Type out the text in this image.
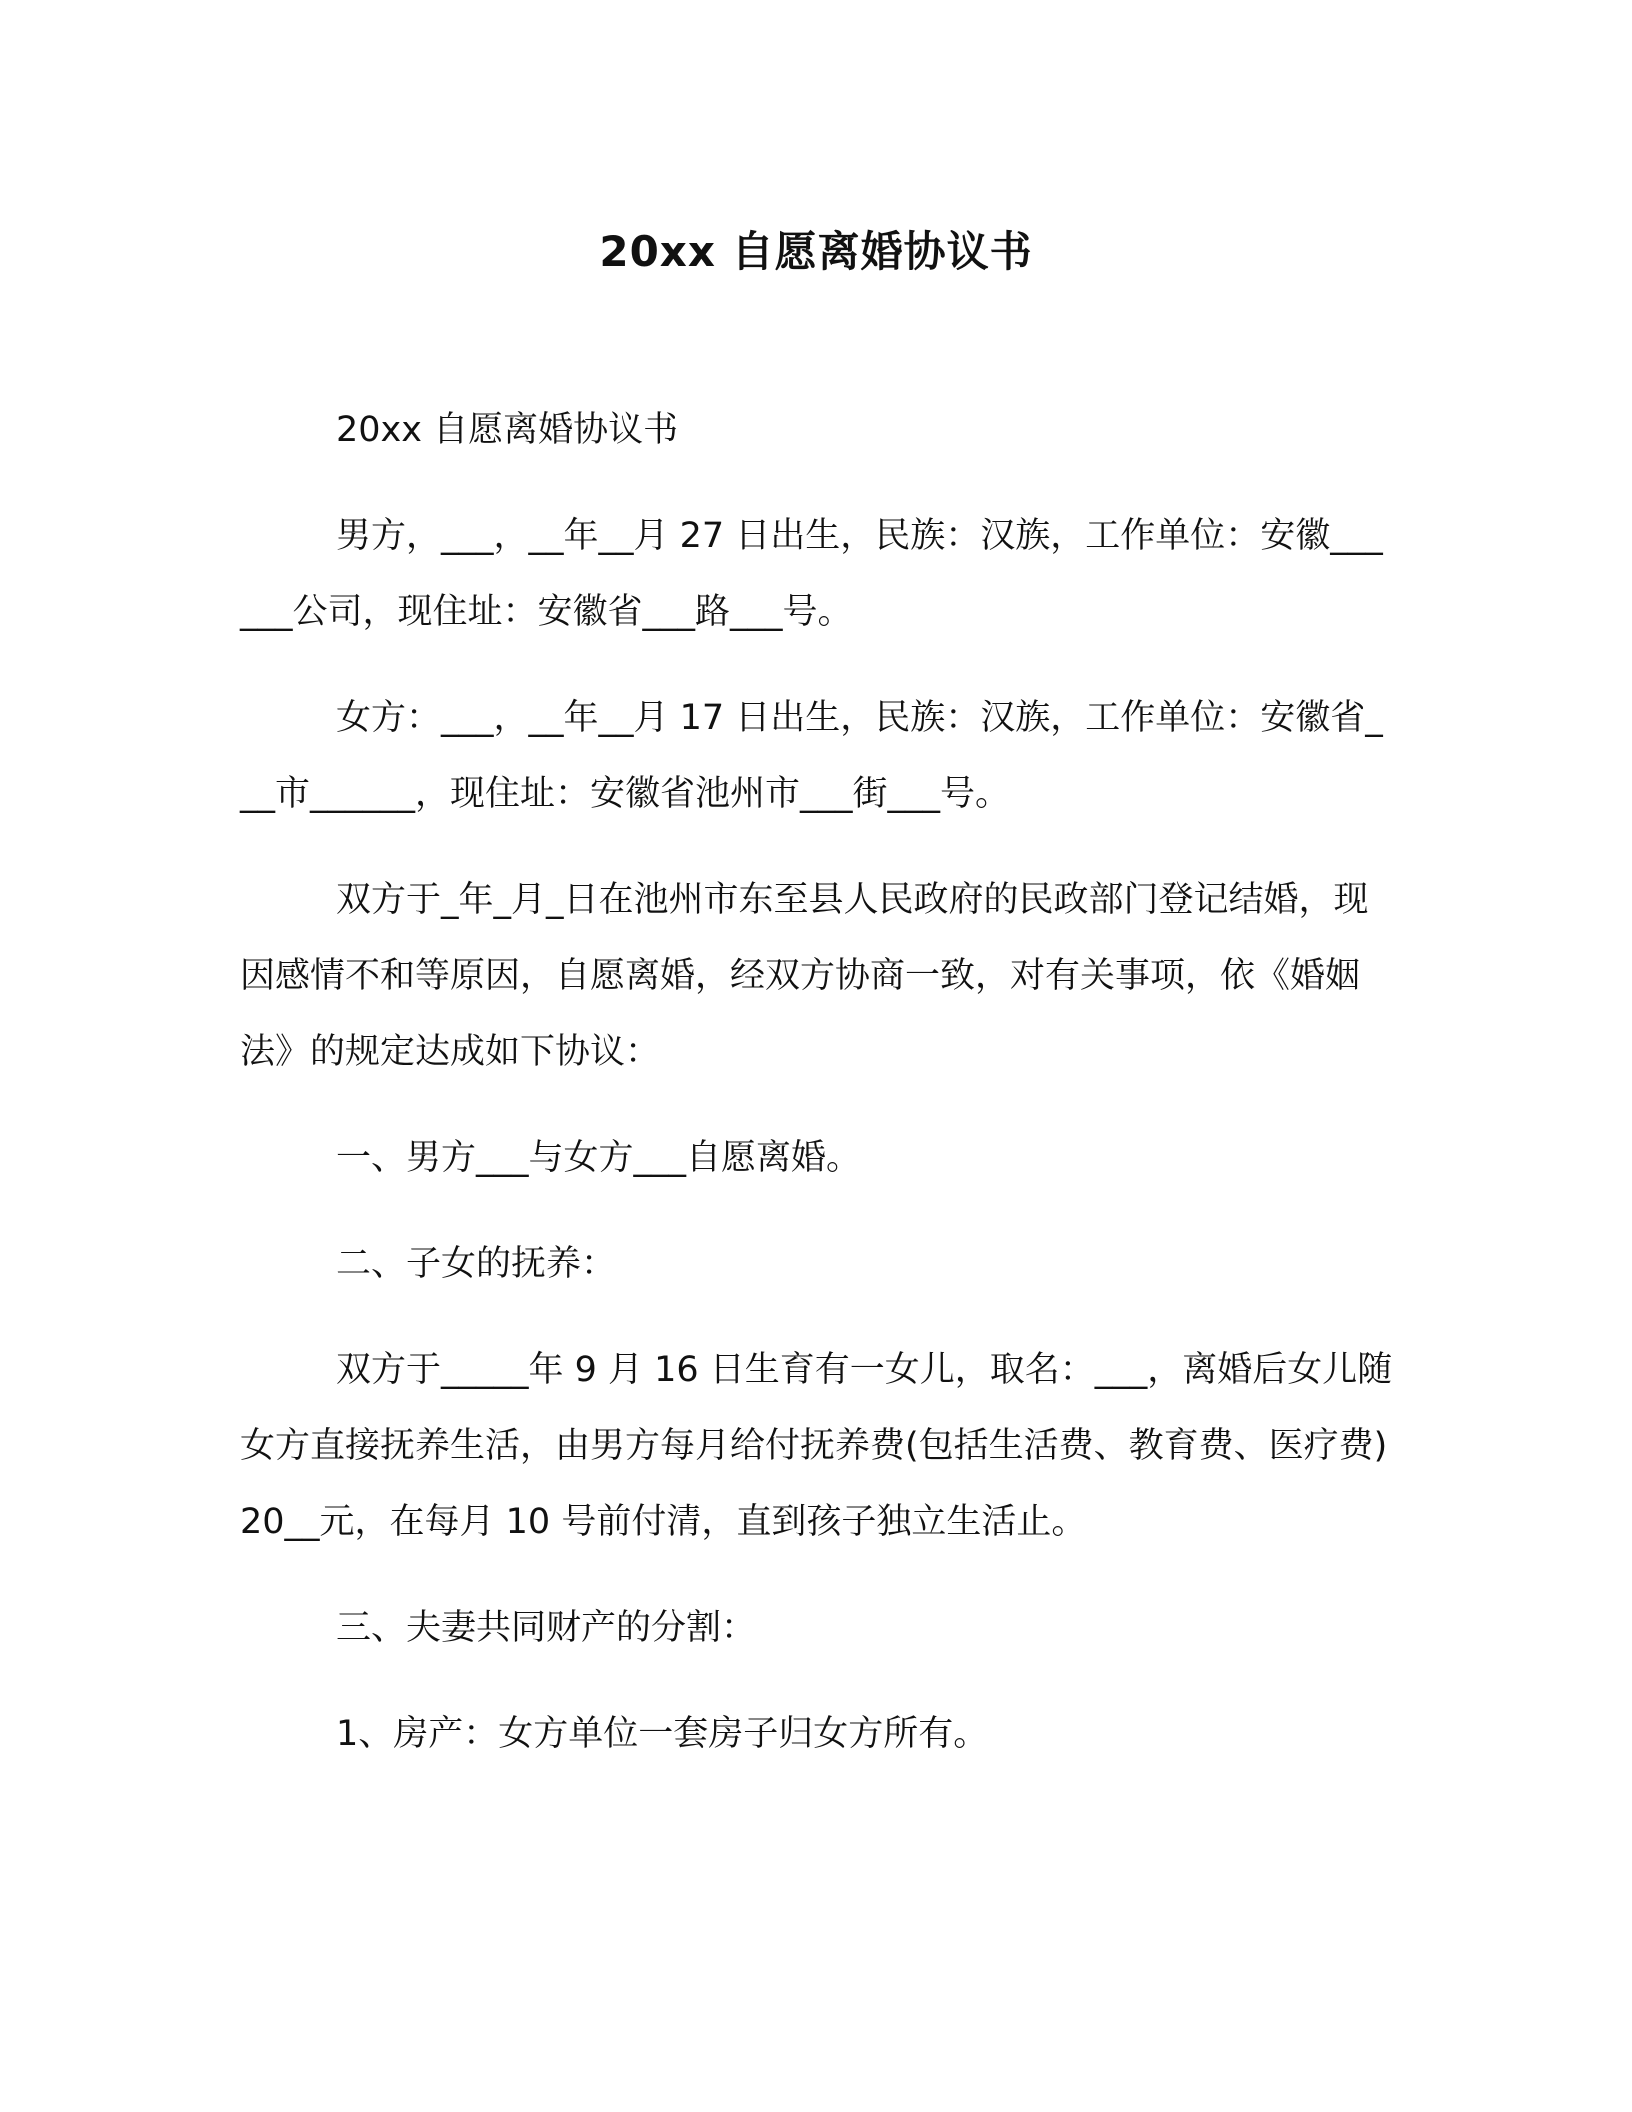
20xx 自愿离婚协议书

20xx 自愿离婚协议书

男方，___，__年__月 27 日出生，民族：汉族，工作单位：安徽______公司，现住址：安徽省___路___号。

女方：___，__年__月 17 日出生，民族：汉族，工作单位：安徽省___市______，现住址：安徽省池州市___街___号。

双方于_年_月_日在池州市东至县人民政府的民政部门登记结婚，现因感情不和等原因，自愿离婚，经双方协商一致，对有关事项，依《婚姻法》的规定达成如下协议：

一、男方___与女方___自愿离婚。

二、子女的抚养：

双方于_____年 9 月 16 日生育有一女儿，取名：___，离婚后女儿随女方直接抚养生活，由男方每月给付抚养费(包括生活费、教育费、医疗费)20__元，在每月 10 号前付清，直到孩子独立生活止。

三、夫妻共同财产的分割：

1、房产：女方单位一套房子归女方所有。
